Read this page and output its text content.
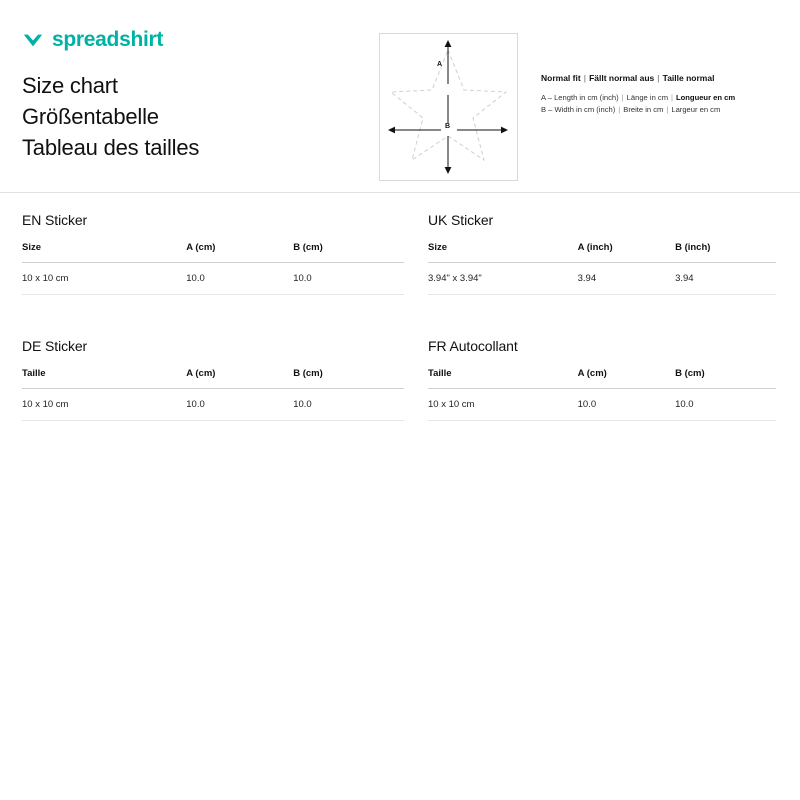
spreadshirt
Size chart
Größentabelle
Tableau des tailles
A
B
Normal fit | Fällt normal aus | Taille normal
A – Length in cm (inch) | Länge in cm | Longueur en cm
B – Width in cm (inch) | Breite in cm | Largeur en cm
EN Sticker
Size	A (cm)	B (cm)
10 x 10 cm	10.0	10.0
UK Sticker
Size	A (inch)	B (inch)
3.94" x 3.94"	3.94	3.94
DE Sticker
Taille	A (cm)	B (cm)
10 x 10 cm	10.0	10.0
FR Autocollant
Taille	A (cm)	B (cm)
10 x 10 cm	10.0	10.0
